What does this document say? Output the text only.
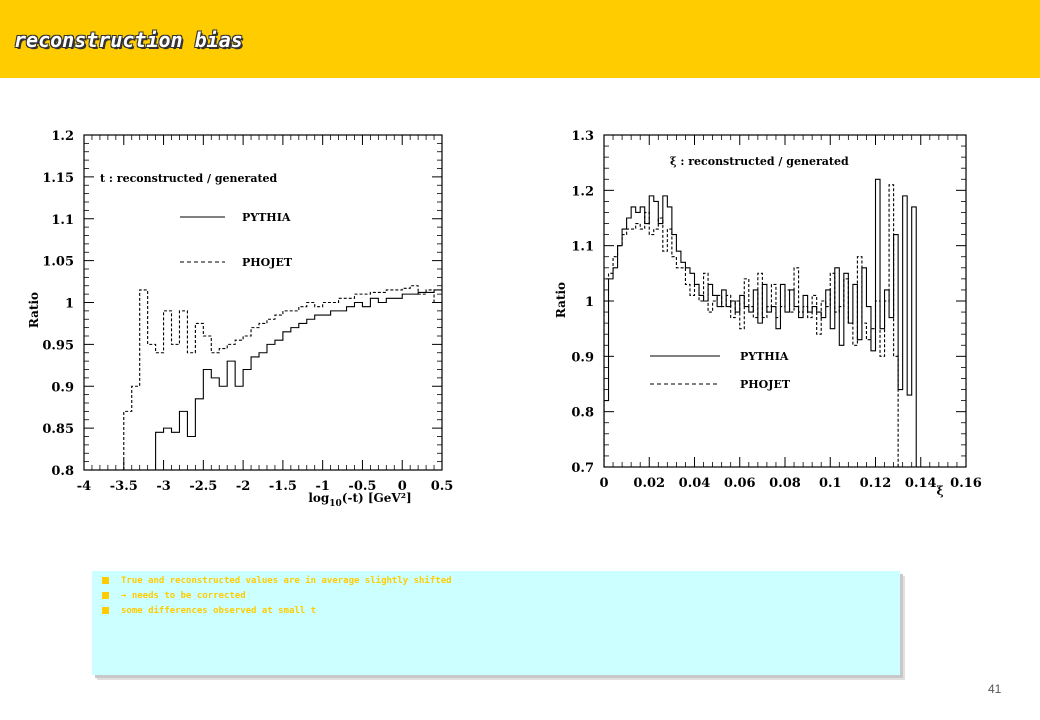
reconstruction bias
0.8
0.85
0.9
0.95
1
1.05
1.1
1.15
1.2
-4 -3.5 -3 -2.5 -2 -1.5 -1 -0.5 0 0.5
Ratio
$\log_{10}(-t)$ [GeV²]
t : reconstructed / generated
PYTHIA
PHOJET
0.7
0.8
0.9
1
1.1
1.2
1.3
0 0.02 0.04 0.06 0.08 0.1 0.12 0.14 0.16
Ratio
ξ
ξ : reconstructed / generated
PYTHIA
PHOJET
True and reconstructed values are in average slightly shifted
→ needs to be corrected
some differences observed at small t
41
